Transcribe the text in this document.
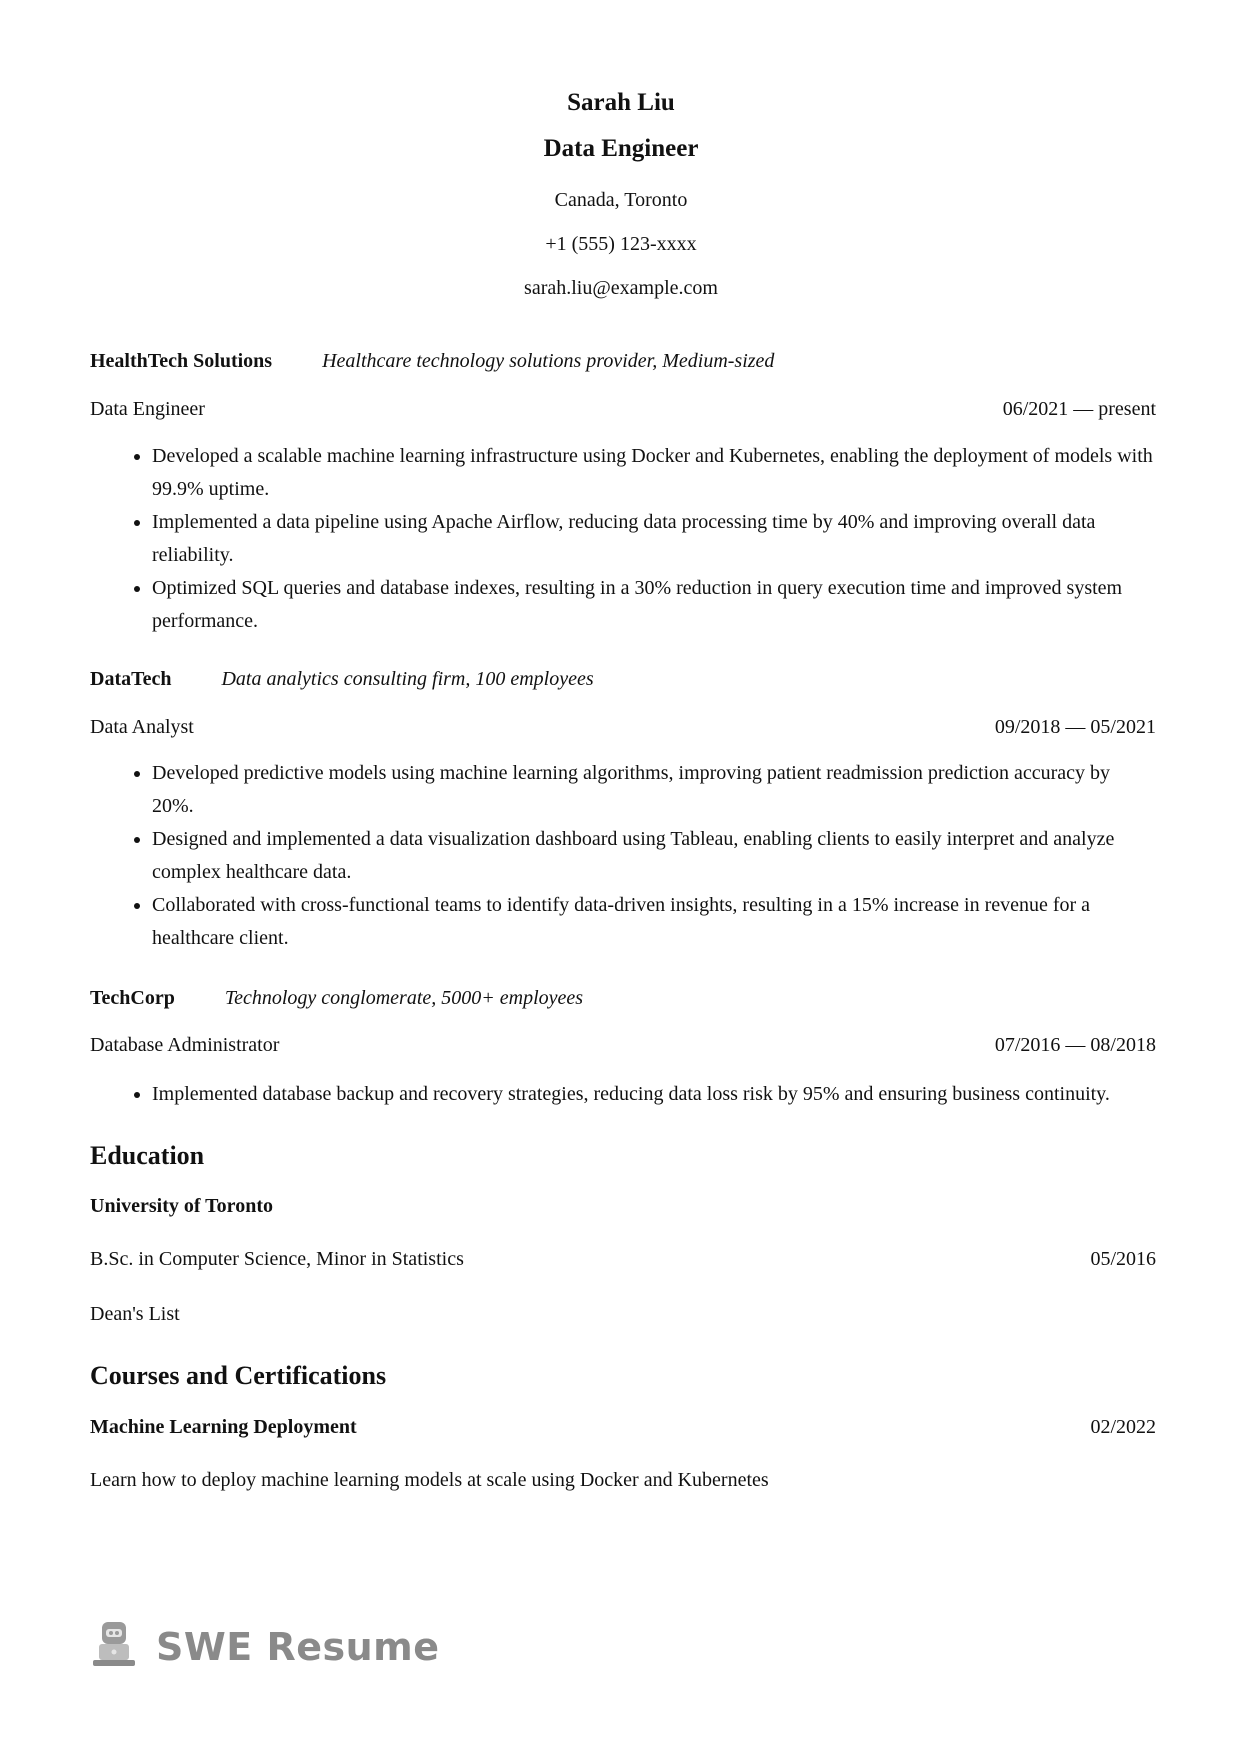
Sarah Liu
Data Engineer
Canada, Toronto
+1 (555) 123-xxxx
sarah.liu@example.com
HealthTech Solutions	Healthcare technology solutions provider, Medium-sized
Data Engineer	06/2021 — present
• Developed a scalable machine learning infrastructure using Docker and Kubernetes, enabling the deployment of models with 99.9% uptime.
• Implemented a data pipeline using Apache Airflow, reducing data processing time by 40% and improving overall data reliability.
• Optimized SQL queries and database indexes, resulting in a 30% reduction in query execution time and improved system performance.
DataTech	Data analytics consulting firm, 100 employees
Data Analyst	09/2018 — 05/2021
• Developed predictive models using machine learning algorithms, improving patient readmission prediction accuracy by 20%.
• Designed and implemented a data visualization dashboard using Tableau, enabling clients to easily interpret and analyze complex healthcare data.
• Collaborated with cross-functional teams to identify data-driven insights, resulting in a 15% increase in revenue for a healthcare client.
TechCorp	Technology conglomerate, 5000+ employees
Database Administrator	07/2016 — 08/2018
• Implemented database backup and recovery strategies, reducing data loss risk by 95% and ensuring business continuity.
Education
University of Toronto
B.Sc. in Computer Science, Minor in Statistics	05/2016
Dean's List
Courses and Certifications
Machine Learning Deployment	02/2022
Learn how to deploy machine learning models at scale using Docker and Kubernetes
SWE Resume
